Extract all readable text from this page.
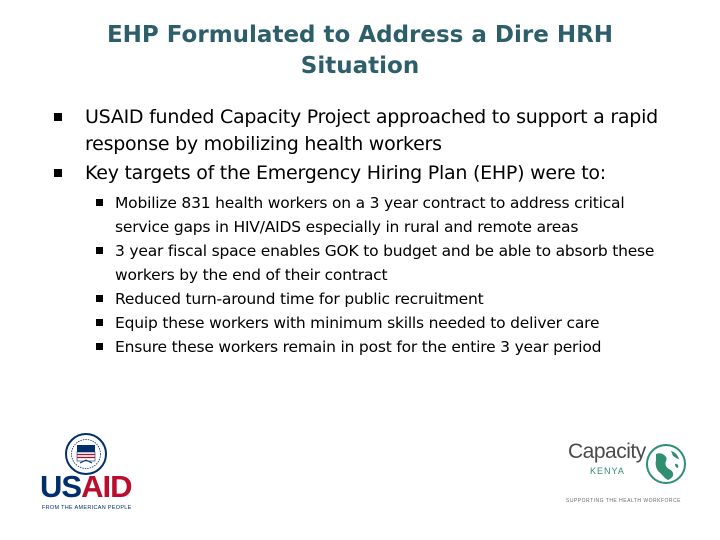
EHP Formulated to Address a Dire HRH
Situation
USAID funded Capacity Project approached to support a rapid response by mobilizing health workers
Key targets of the Emergency Hiring Plan (EHP) were to:
Mobilize 831 health workers on a 3 year contract to address critical service gaps in HIV/AIDS especially in rural and remote areas
3 year fiscal space enables GOK to budget and be able to absorb these workers by the end of their contract
Reduced turn-around time for public recruitment
Equip these workers with minimum skills needed to deliver care
Ensure these workers remain in post for the entire 3 year period
USAID
FROM THE AMERICAN PEOPLE
Capacity
KENYA
SUPPORTING THE HEALTH WORKFORCE
